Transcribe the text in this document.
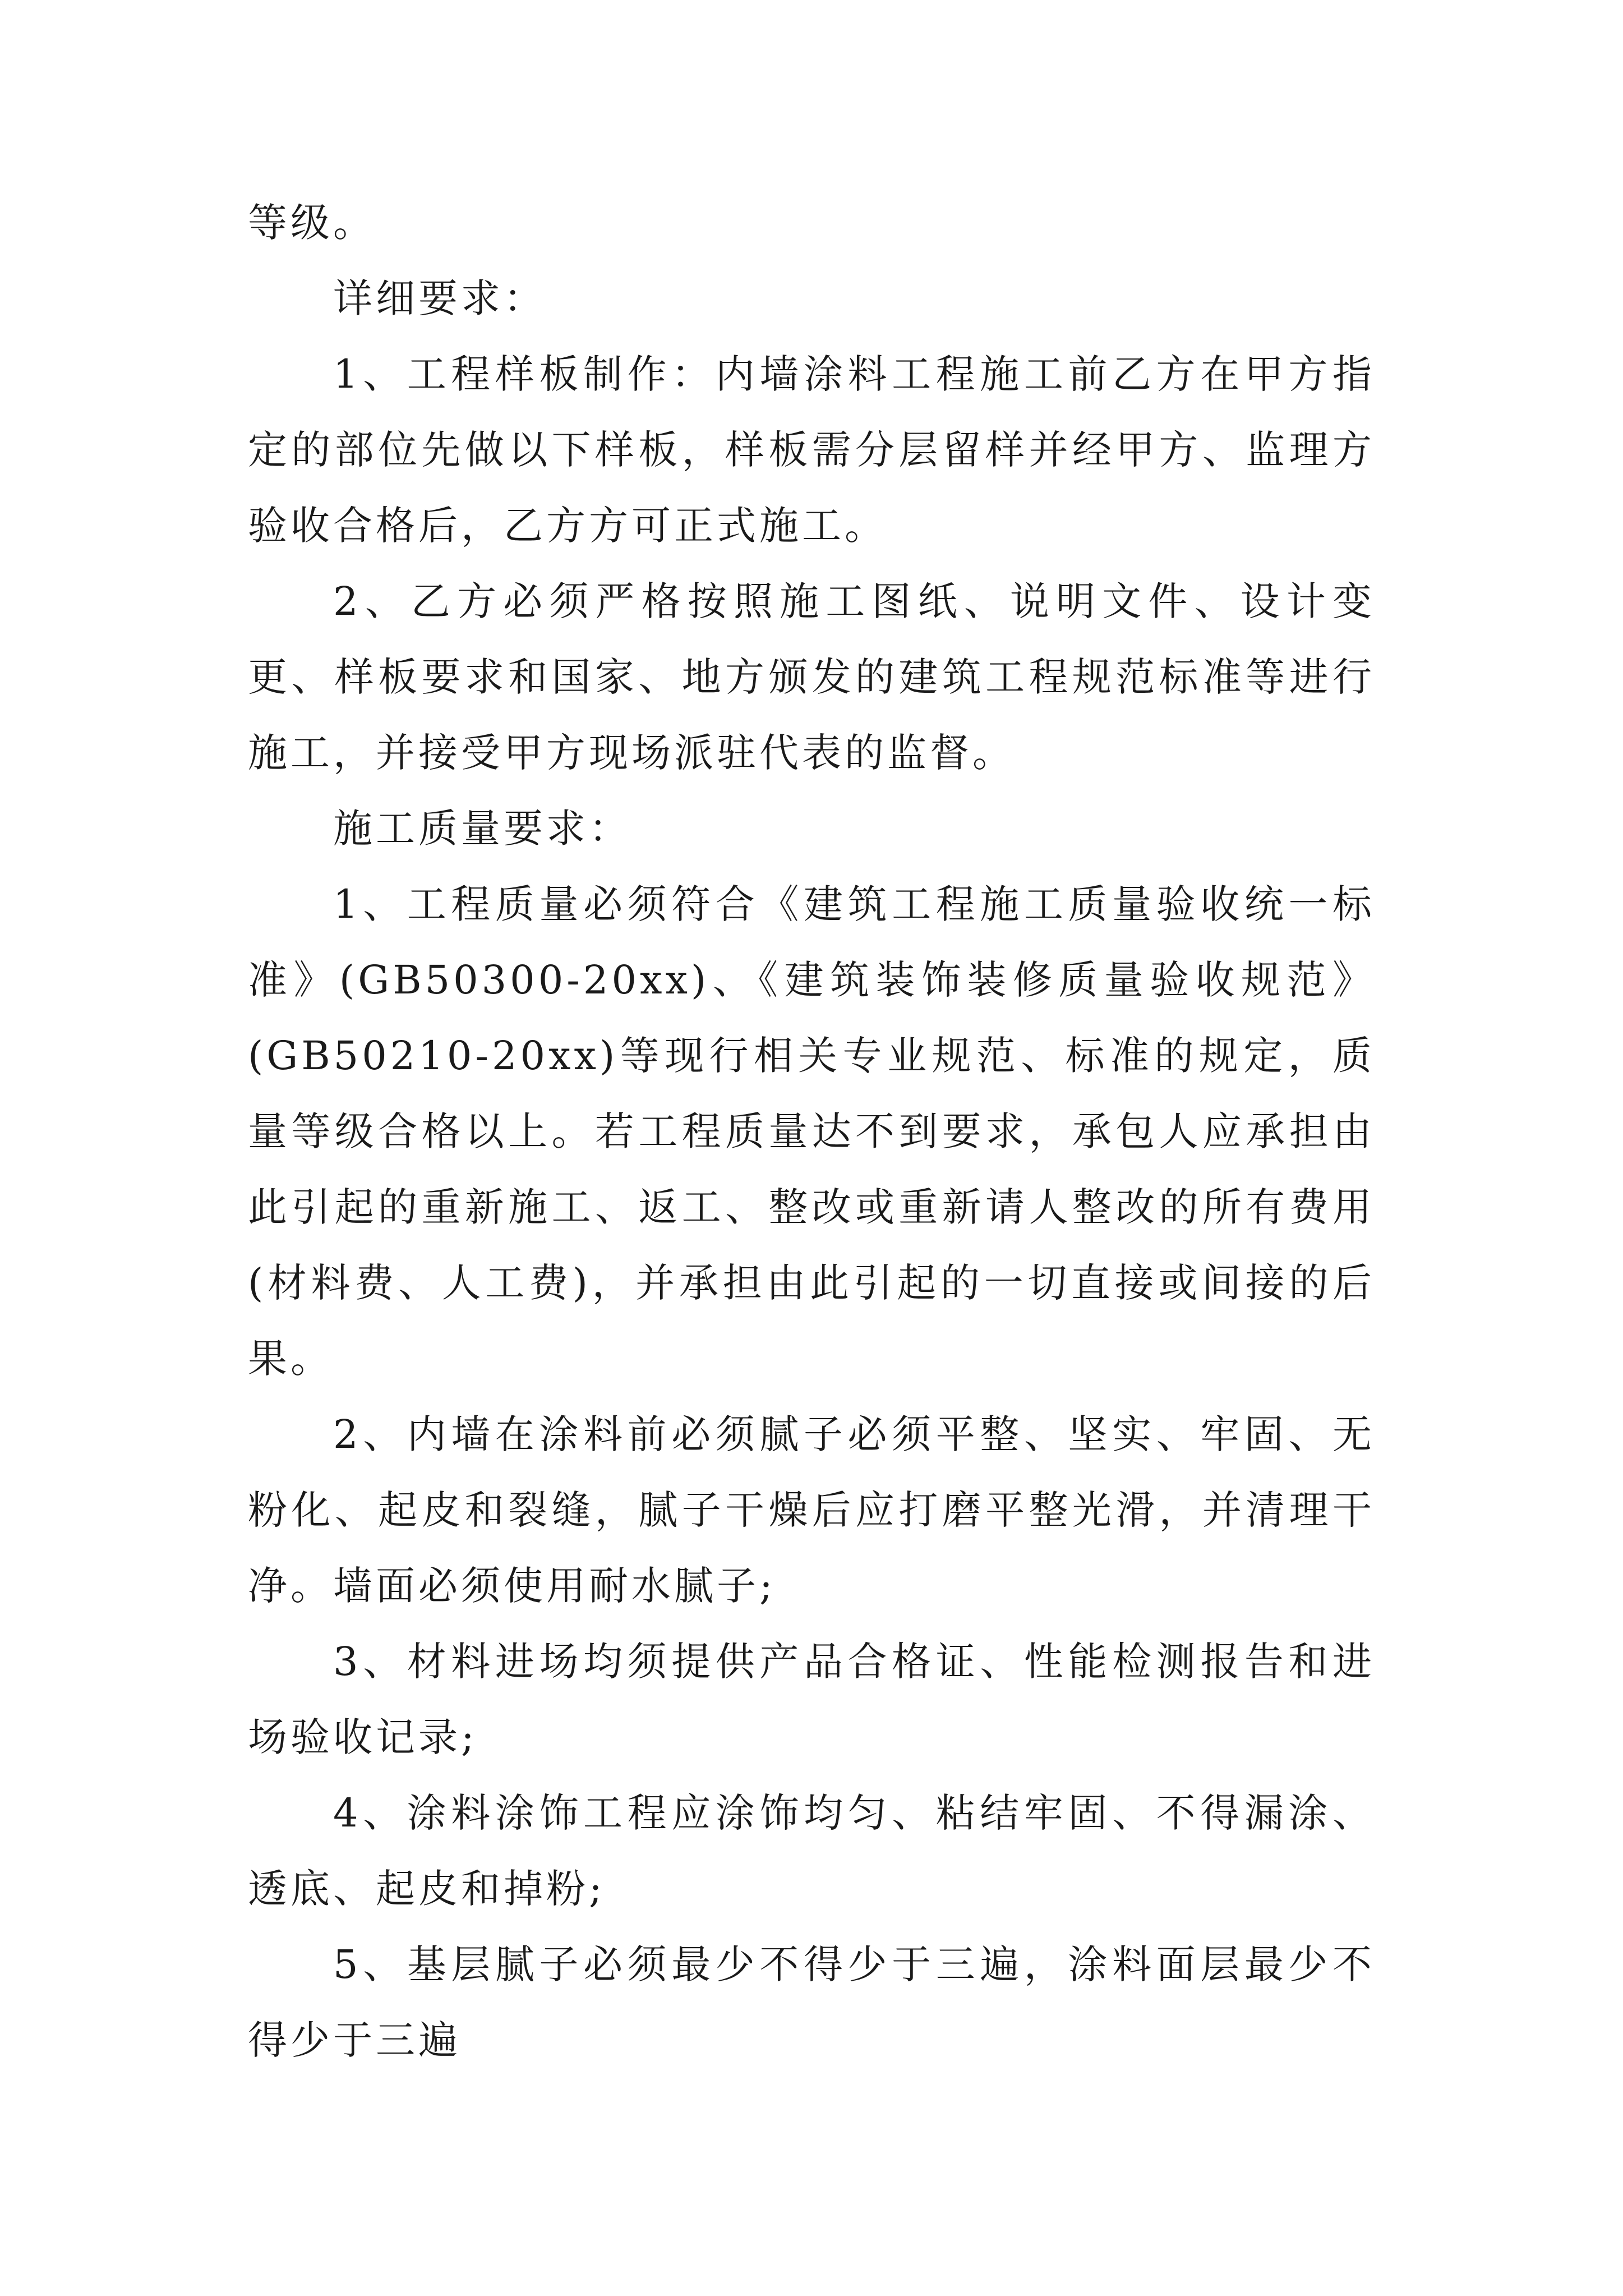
等级。

详细要求：

1、工程样板制作：内墙涂料工程施工前乙方在甲方指定的部位先做以下样板，样板需分层留样并经甲方、监理方验收合格后，乙方方可正式施工。

2、乙方必须严格按照施工图纸、说明文件、设计变更、样板要求和国家、地方颁发的建筑工程规范标准等进行施工，并接受甲方现场派驻代表的监督。

施工质量要求：

1、工程质量必须符合《建筑工程施工质量验收统一标准》(GB50300-20xx)、《建筑装饰装修质量验收规范》(GB50210-20xx)等现行相关专业规范、标准的规定，质量等级合格以上。若工程质量达不到要求，承包人应承担由此引起的重新施工、返工、整改或重新请人整改的所有费用(材料费、人工费)，并承担由此引起的一切直接或间接的后果。

2、内墙在涂料前必须腻子必须平整、坚实、牢固、无粉化、起皮和裂缝，腻子干燥后应打磨平整光滑，并清理干净。墙面必须使用耐水腻子;

3、材料进场均须提供产品合格证、性能检测报告和进场验收记录;

4、涂料涂饰工程应涂饰均匀、粘结牢固、不得漏涂、透底、起皮和掉粉;

5、基层腻子必须最少不得少于三遍，涂料面层最少不得少于三遍
